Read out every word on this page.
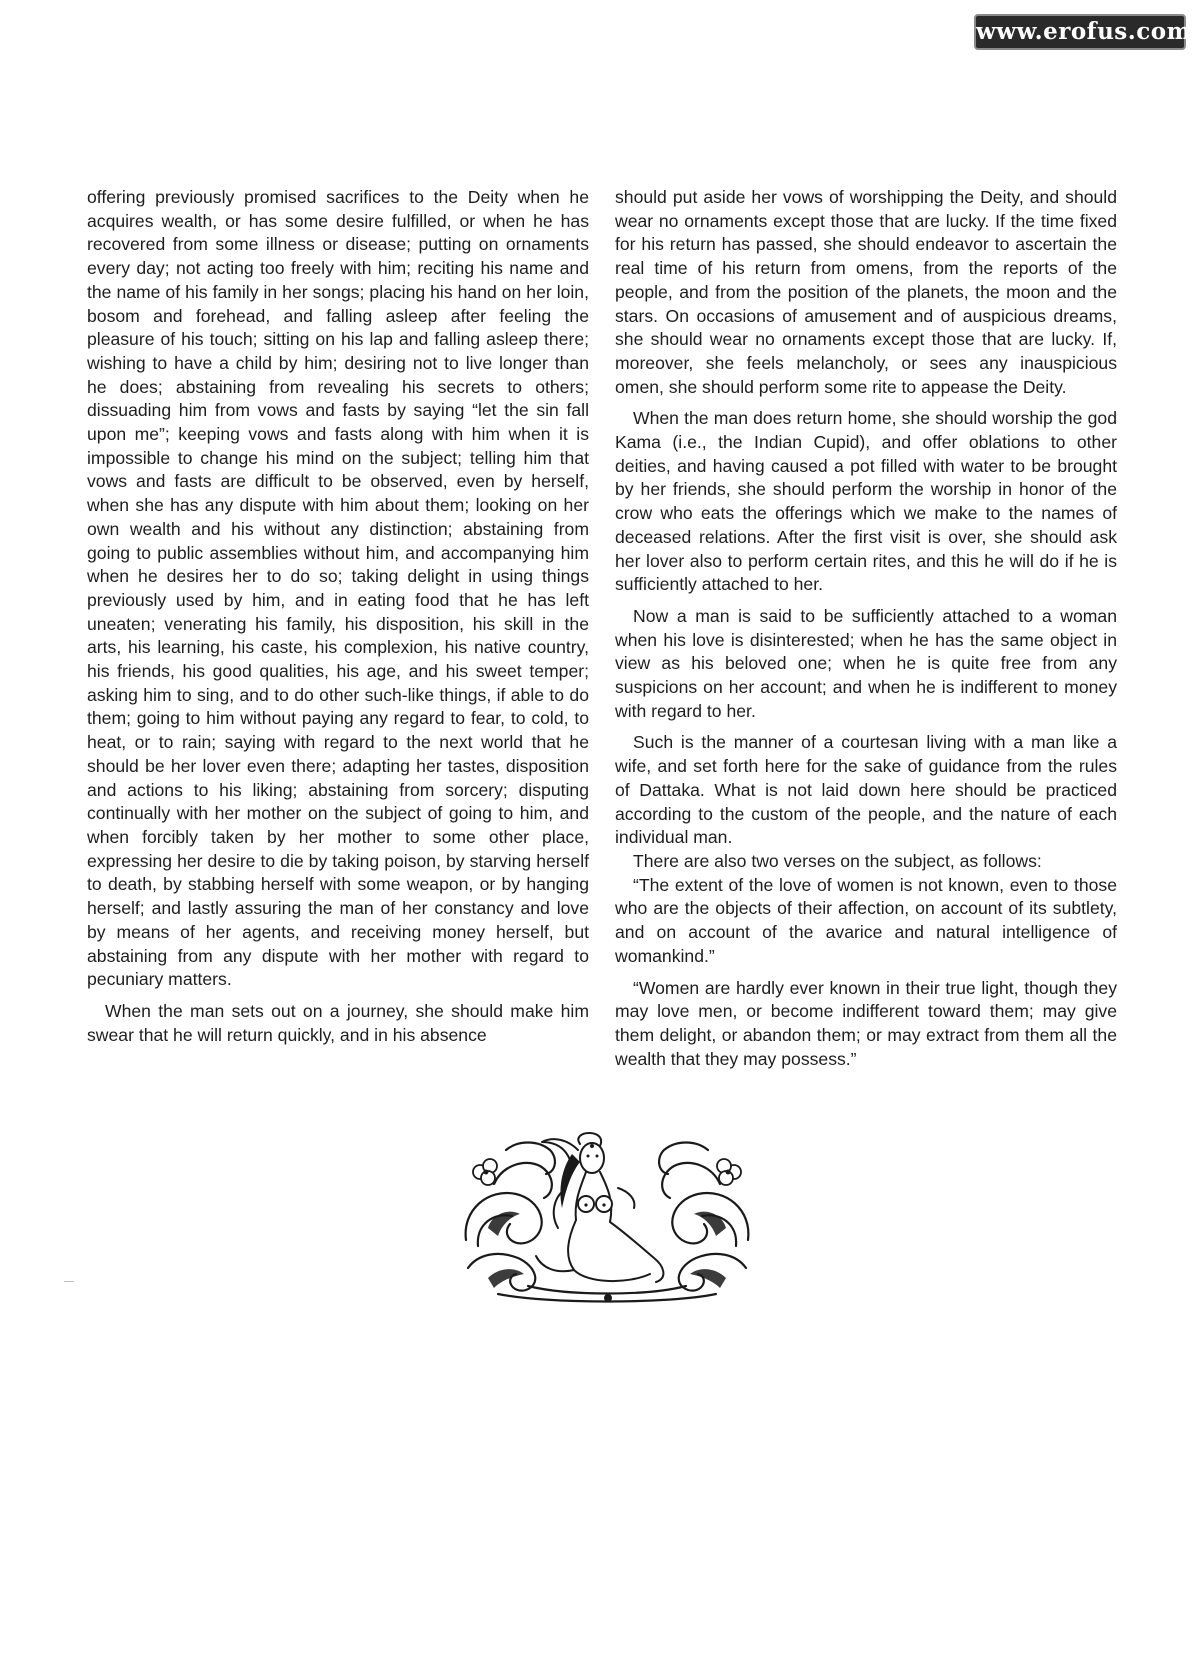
www.erofus.com

offering previously promised sacrifices to the Deity when he acquires wealth, or has some desire fulfilled, or when he has recovered from some illness or disease; putting on ornaments every day; not acting too freely with him; reciting his name and the name of his family in her songs; placing his hand on her loin, bosom and forehead, and falling asleep after feeling the pleasure of his touch; sitting on his lap and falling asleep there; wishing to have a child by him; desiring not to live longer than he does; abstaining from revealing his secrets to others; dissuading him from vows and fasts by saying “let the sin fall upon me”; keeping vows and fasts along with him when it is impossible to change his mind on the subject; telling him that vows and fasts are difficult to be observed, even by herself, when she has any dispute with him about them; looking on her own wealth and his without any distinction; abstaining from going to public assemblies without him, and accompanying him when he desires her to do so; taking delight in using things previously used by him, and in eating food that he has left uneaten; venerating his family, his disposition, his skill in the arts, his learning, his caste, his complexion, his native country, his friends, his good qualities, his age, and his sweet temper; asking him to sing, and to do other such-like things, if able to do them; going to him without paying any regard to fear, to cold, to heat, or to rain; saying with regard to the next world that he should be her lover even there; adapting her tastes, disposition and actions to his liking; abstaining from sorcery; disputing continually with her mother on the subject of going to him, and when forcibly taken by her mother to some other place, expressing her desire to die by taking poison, by starving herself to death, by stabbing herself with some weapon, or by hanging herself; and lastly assuring the man of her constancy and love by means of her agents, and receiving money herself, but abstaining from any dispute with her mother with regard to pecuniary matters.

When the man sets out on a journey, she should make him swear that he will return quickly, and in his absence

should put aside her vows of worshipping the Deity, and should wear no ornaments except those that are lucky. If the time fixed for his return has passed, she should endeavor to ascertain the real time of his return from omens, from the reports of the people, and from the position of the planets, the moon and the stars. On occasions of amusement and of auspicious dreams, she should wear no ornaments except those that are lucky. If, moreover, she feels melancholy, or sees any inauspicious omen, she should perform some rite to appease the Deity.

When the man does return home, she should worship the god Kama (i.e., the Indian Cupid), and offer oblations to other deities, and having caused a pot filled with water to be brought by her friends, she should perform the worship in honor of the crow who eats the offerings which we make to the names of deceased relations. After the first visit is over, she should ask her lover also to perform certain rites, and this he will do if he is sufficiently attached to her.

Now a man is said to be sufficiently attached to a woman when his love is disinterested; when he has the same object in view as his beloved one; when he is quite free from any suspicions on her account; and when he is indifferent to money with regard to her.

Such is the manner of a courtesan living with a man like a wife, and set forth here for the sake of guidance from the rules of Dattaka. What is not laid down here should be practiced according to the custom of the people, and the nature of each individual man.

There are also two verses on the subject, as follows:

“The extent of the love of women is not known, even to those who are the objects of their affection, on account of its subtlety, and on account of the avarice and natural intelligence of womankind.”

“Women are hardly ever known in their true light, though they may love men, or become indifferent toward them; may give them delight, or abandon them; or may extract from them all the wealth that they may possess.”
